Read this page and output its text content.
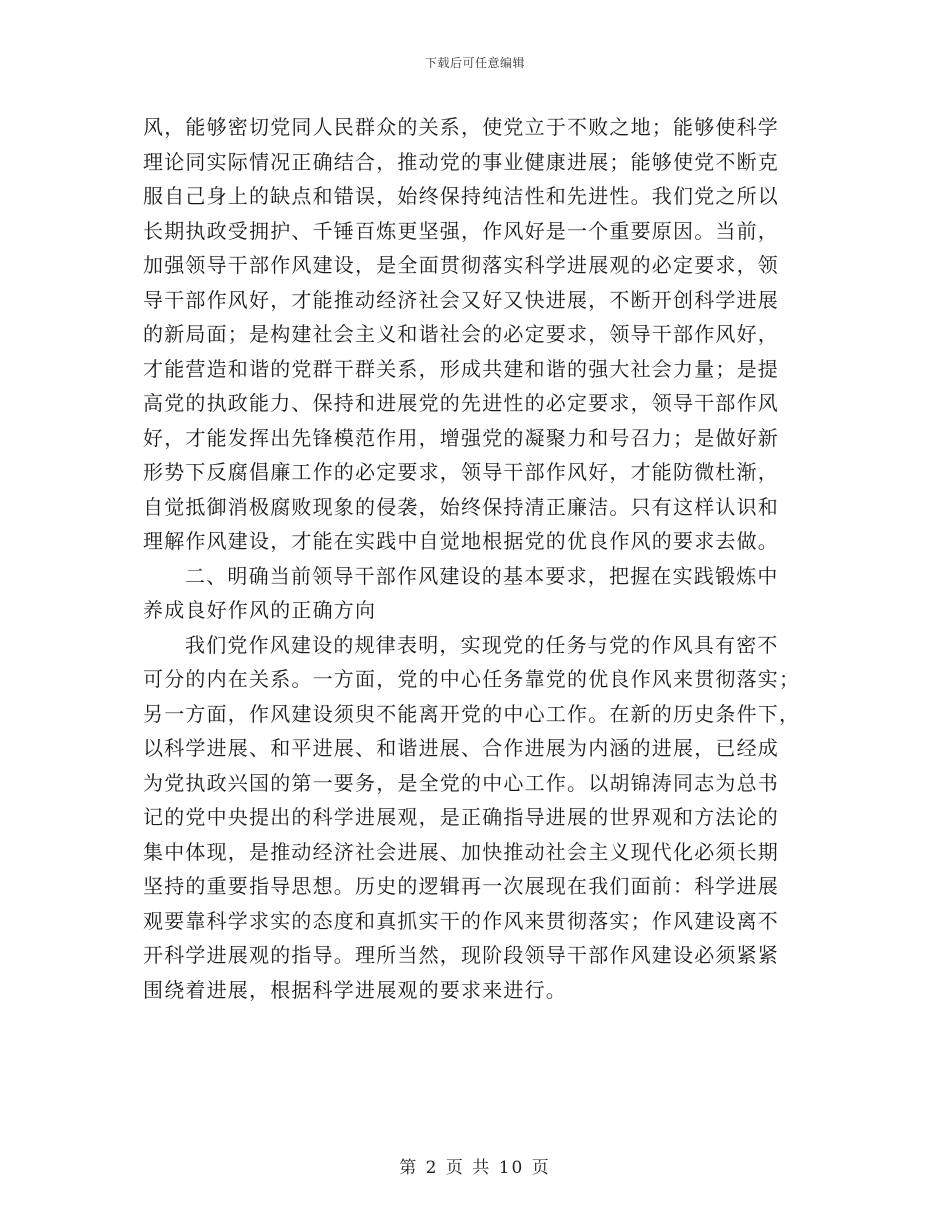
下载后可任意编辑

风，能够密切党同人民群众的关系，使党立于不败之地；能够使科学
理论同实际情况正确结合，推动党的事业健康进展；能够使党不断克
服自己身上的缺点和错误，始终保持纯洁性和先进性。我们党之所以
长期执政受拥护、千锤百炼更坚强，作风好是一个重要原因。当前，
加强领导干部作风建设，是全面贯彻落实科学进展观的必定要求，领
导干部作风好，才能推动经济社会又好又快进展，不断开创科学进展
的新局面；是构建社会主义和谐社会的必定要求，领导干部作风好，
才能营造和谐的党群干群关系，形成共建和谐的强大社会力量；是提
高党的执政能力、保持和进展党的先进性的必定要求，领导干部作风
好，才能发挥出先锋模范作用，增强党的凝聚力和号召力；是做好新
形势下反腐倡廉工作的必定要求，领导干部作风好，才能防微杜渐，
自觉抵御消极腐败现象的侵袭，始终保持清正廉洁。只有这样认识和
理解作风建设，才能在实践中自觉地根据党的优良作风的要求去做。

二、明确当前领导干部作风建设的基本要求，把握在实践锻炼中
养成良好作风的正确方向

我们党作风建设的规律表明，实现党的任务与党的作风具有密不
可分的内在关系。一方面，党的中心任务靠党的优良作风来贯彻落实；
另一方面，作风建设须臾不能离开党的中心工作。在新的历史条件下，
以科学进展、和平进展、和谐进展、合作进展为内涵的进展，已经成
为党执政兴国的第一要务，是全党的中心工作。以胡锦涛同志为总书
记的党中央提出的科学进展观，是正确指导进展的世界观和方法论的
集中体现，是推动经济社会进展、加快推动社会主义现代化必须长期
坚持的重要指导思想。历史的逻辑再一次展现在我们面前：科学进展
观要靠科学求实的态度和真抓实干的作风来贯彻落实；作风建设离不
开科学进展观的指导。理所当然，现阶段领导干部作风建设必须紧紧
围绕着进展，根据科学进展观的要求来进行。

第 2 页 共 10 页
